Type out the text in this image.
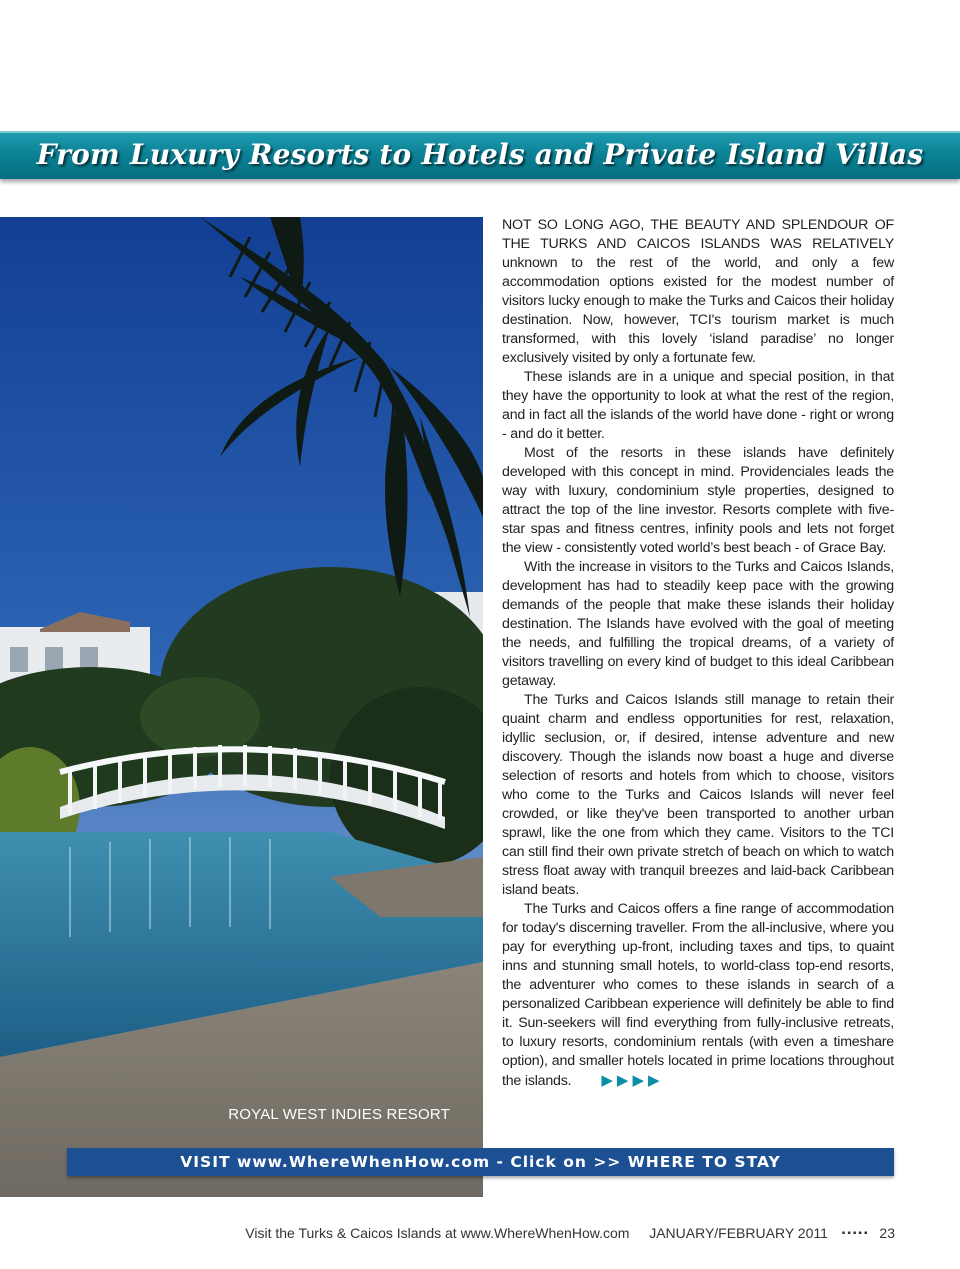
From Luxury Resorts to Hotels and Private Island Villas
ROYAL WEST INDIES RESORT

NOT SO LONG AGO, THE BEAUTY AND SPLENDOUR OF THE TURKS AND CAICOS ISLANDS WAS RELATIVELY unknown to the rest of the world, and only a few accommodation options existed for the modest number of visitors lucky enough to make the Turks and Caicos their holiday destination. Now, however, TCI's tourism market is much transformed, with this lovely ‘island paradise’ no longer exclusively visited by only a fortunate few.

These islands are in a unique and special position, in that they have the opportunity to look at what the rest of the region, and in fact all the islands of the world have done - right or wrong - and do it better.

Most of the resorts in these islands have definitely developed with this concept in mind. Providenciales leads the way with luxury, condominium style properties, designed to attract the top of the line investor. Resorts complete with five-star spas and fitness centres, infinity pools and lets not forget the view - consistently voted world’s best beach - of Grace Bay.

With the increase in visitors to the Turks and Caicos Islands, development has had to steadily keep pace with the growing demands of the people that make these islands their holiday destination. The Islands have evolved with the goal of meeting the needs, and fulfilling the tropical dreams, of a variety of visitors travelling on every kind of budget to this ideal Caribbean getaway.

The Turks and Caicos Islands still manage to retain their quaint charm and endless opportunities for rest, relaxation, idyllic seclusion, or, if desired, intense adventure and new discovery. Though the islands now boast a huge and diverse selection of resorts and hotels from which to choose, visitors who come to the Turks and Caicos Islands will never feel crowded, or like they've been transported to another urban sprawl, like the one from which they came. Visitors to the TCI can still find their own private stretch of beach on which to watch stress float away with tranquil breezes and laid-back Caribbean island beats.

The Turks and Caicos offers a fine range of accommodation for today's discerning traveller. From the all-inclusive, where you pay for everything up-front, including taxes and tips, to quaint inns and stunning small hotels, to world-class top-end resorts, the adventurer who comes to these islands in search of a personalized Caribbean experience will definitely be able to find it. Sun-seekers will find everything from fully-inclusive retreats, to luxury resorts, condominium rentals (with even a timeshare option), and smaller hotels located in prime locations throughout the islands. ▶▶▶▶

VISIT www.WhereWhenHow.com - Click on >> WHERE TO STAY
Visit the Turks & Caicos Islands at www.WhereWhenHow.com JANUARY/FEBRUARY 2011 ▪▪▪▪▪ 23
